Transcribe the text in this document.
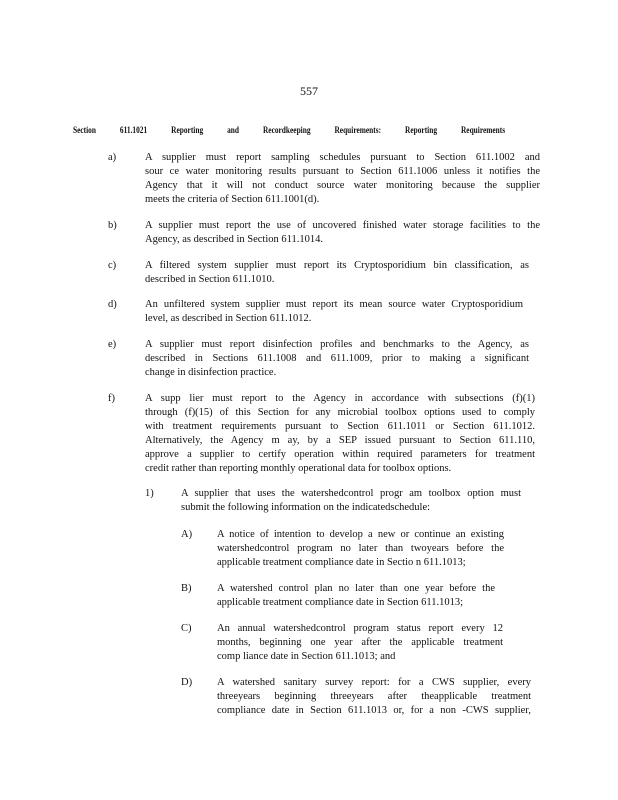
557
Section	611.1021	Reporting	and	Recordkeeping	Requirements:	Reporting	Requirements
a)	A supplier must report sampling schedules pursuant to Section 611.1002 and
sour ce water monitoring results pursuant to Section 611.1006 unless it notifies the
Agency that it will not conduct source water monitoring because the supplier
meets the criteria of Section 611.1001(d).
b)	A supplier must report the use of uncovered finished water storage facilities to the
Agency, as described in Section 611.1014.
c)	A filtered system supplier must report its Cryptosporidium bin classification, as
described in Section 611.1010.
d)	An unfiltered system supplier must report its mean source water Cryptosporidium
level, as described in Section 611.1012.
e)	A supplier must report disinfection profiles and benchmarks to the Agency, as
described in Sections 611.1008 and 611.1009, prior to making a significant
change in disinfection practice.
f)	A supp lier must report to the Agency in accordance with subsections (f)(1)
through (f)(15) of this Section for any microbial toolbox options used to comply
with treatment requirements pursuant to Section 611.1011 or Section 611.1012.
Alternatively, the Agency m ay, by a SEP issued pursuant to Section 611.110,
approve a supplier to certify operation within required parameters for treatment
credit rather than reporting monthly operational data for toolbox options.
1)	A supplier that uses the watershedcontrol progr am toolbox option must
submit the following information on the indicatedschedule:
A) A notice of intention to develop a new or continue an existing
watershedcontrol program no later than twoyears before the
applicable treatment compliance date in Sectio n 611.1013;
B) A watershed control plan no later than one year before the
applicable treatment compliance date in Section 611.1013;
C) An annual watershedcontrol program status report every 12
months, beginning one year after the applicable treatment
comp liance date in Section 611.1013; and
D) A watershed sanitary survey report: for a CWS supplier, every
threeyears beginning threeyears after theapplicable treatment
compliance date in Section 611.1013 or, for a non -CWS supplier,
